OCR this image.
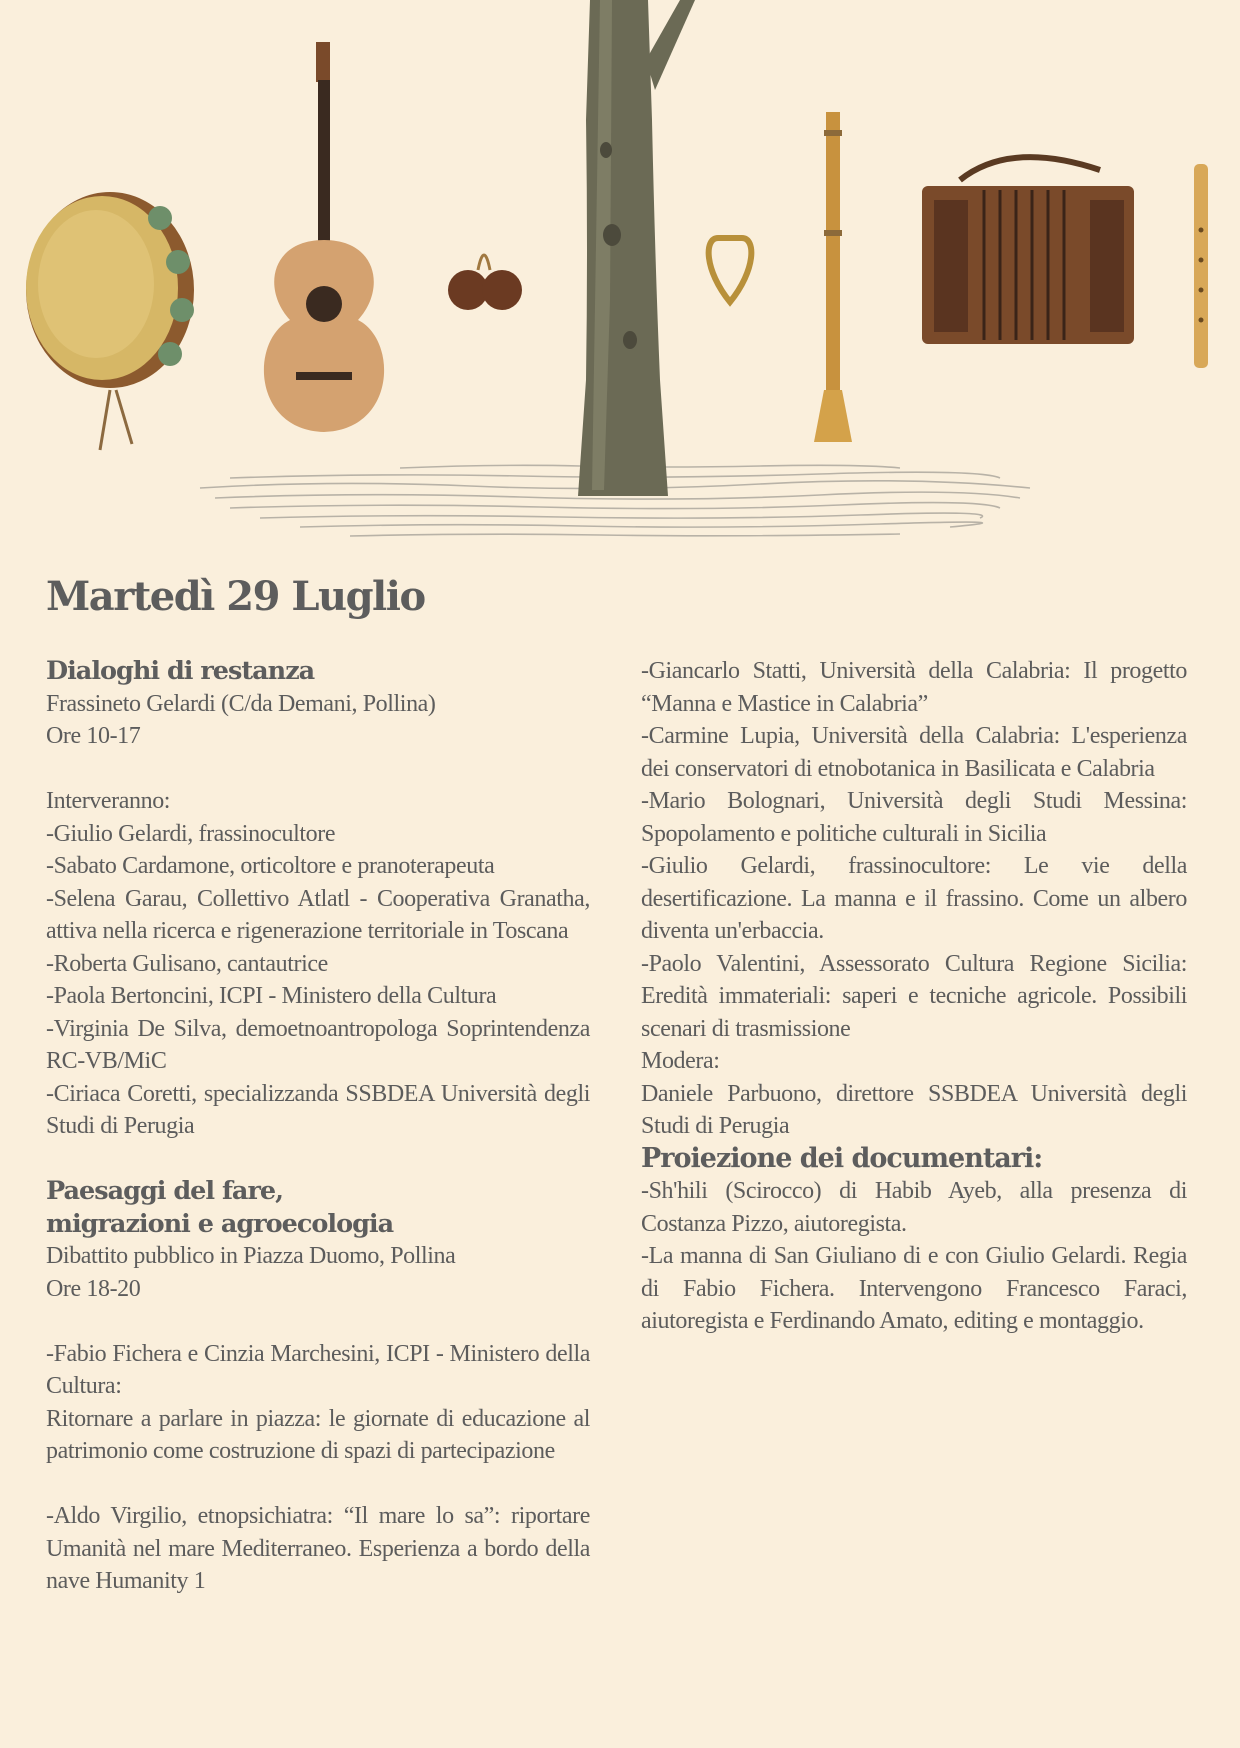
Martedì 29 Luglio
Dialoghi di restanza

Frassineto Gelardi (C/da Demani, Pollina)

Ore 10-17

Interveranno:

-Giulio Gelardi, frassinocultore

-Sabato Cardamone, orticoltore e pranoterapeuta

-Selena Garau, Collettivo Atlatl - Cooperativa Granatha, attiva nella ricerca e rigenerazione territoriale in Toscana

-Roberta Gulisano, cantautrice

-Paola Bertoncini, ICPI - Ministero della Cultura

-Virginia De Silva, demoetnoantropologa Soprintendenza RC-VB/MiC

-Ciriaca Coretti, specializzanda SSBDEA Università degli Studi di Perugia

Paesaggi del fare,
migrazioni e agroecologia

Dibattito pubblico in Piazza Duomo, Pollina

Ore 18-20

-Fabio Fichera e Cinzia Marchesini, ICPI - Ministero della Cultura:

Ritornare a parlare in piazza: le giornate di educazione al patrimonio come costruzione di spazi di partecipazione

-Aldo Virgilio, etnopsichiatra: “Il mare lo sa”: riportare Umanità nel mare Mediterraneo. Esperienza a bordo della nave Humanity 1

-Giancarlo Statti, Università della Calabria: Il progetto “Manna e Mastice in Calabria”

-Carmine Lupia, Università della Calabria: L'esperienza dei conservatori di etnobotanica in Basilicata e Calabria

-Mario Bolognari, Università degli Studi Messina: Spopolamento e politiche culturali in Sicilia

-Giulio Gelardi, frassinocultore: Le vie della desertificazione. La manna e il frassino. Come un albero diventa un'erbaccia.

-Paolo Valentini, Assessorato Cultura Regione Sicilia: Eredità immateriali: saperi e tecniche agricole. Possibili scenari di trasmissione

Modera:

Daniele Parbuono, direttore SSBDEA Università degli Studi di Perugia

Proiezione dei documentari:

-Sh'hili (Scirocco) di Habib Ayeb, alla presenza di Costanza Pizzo, aiutoregista.

-La manna di San Giuliano di e con Giulio Gelardi. Regia di Fabio Fichera. Intervengono Francesco Faraci, aiutoregista e Ferdinando Amato, editing e montaggio.
